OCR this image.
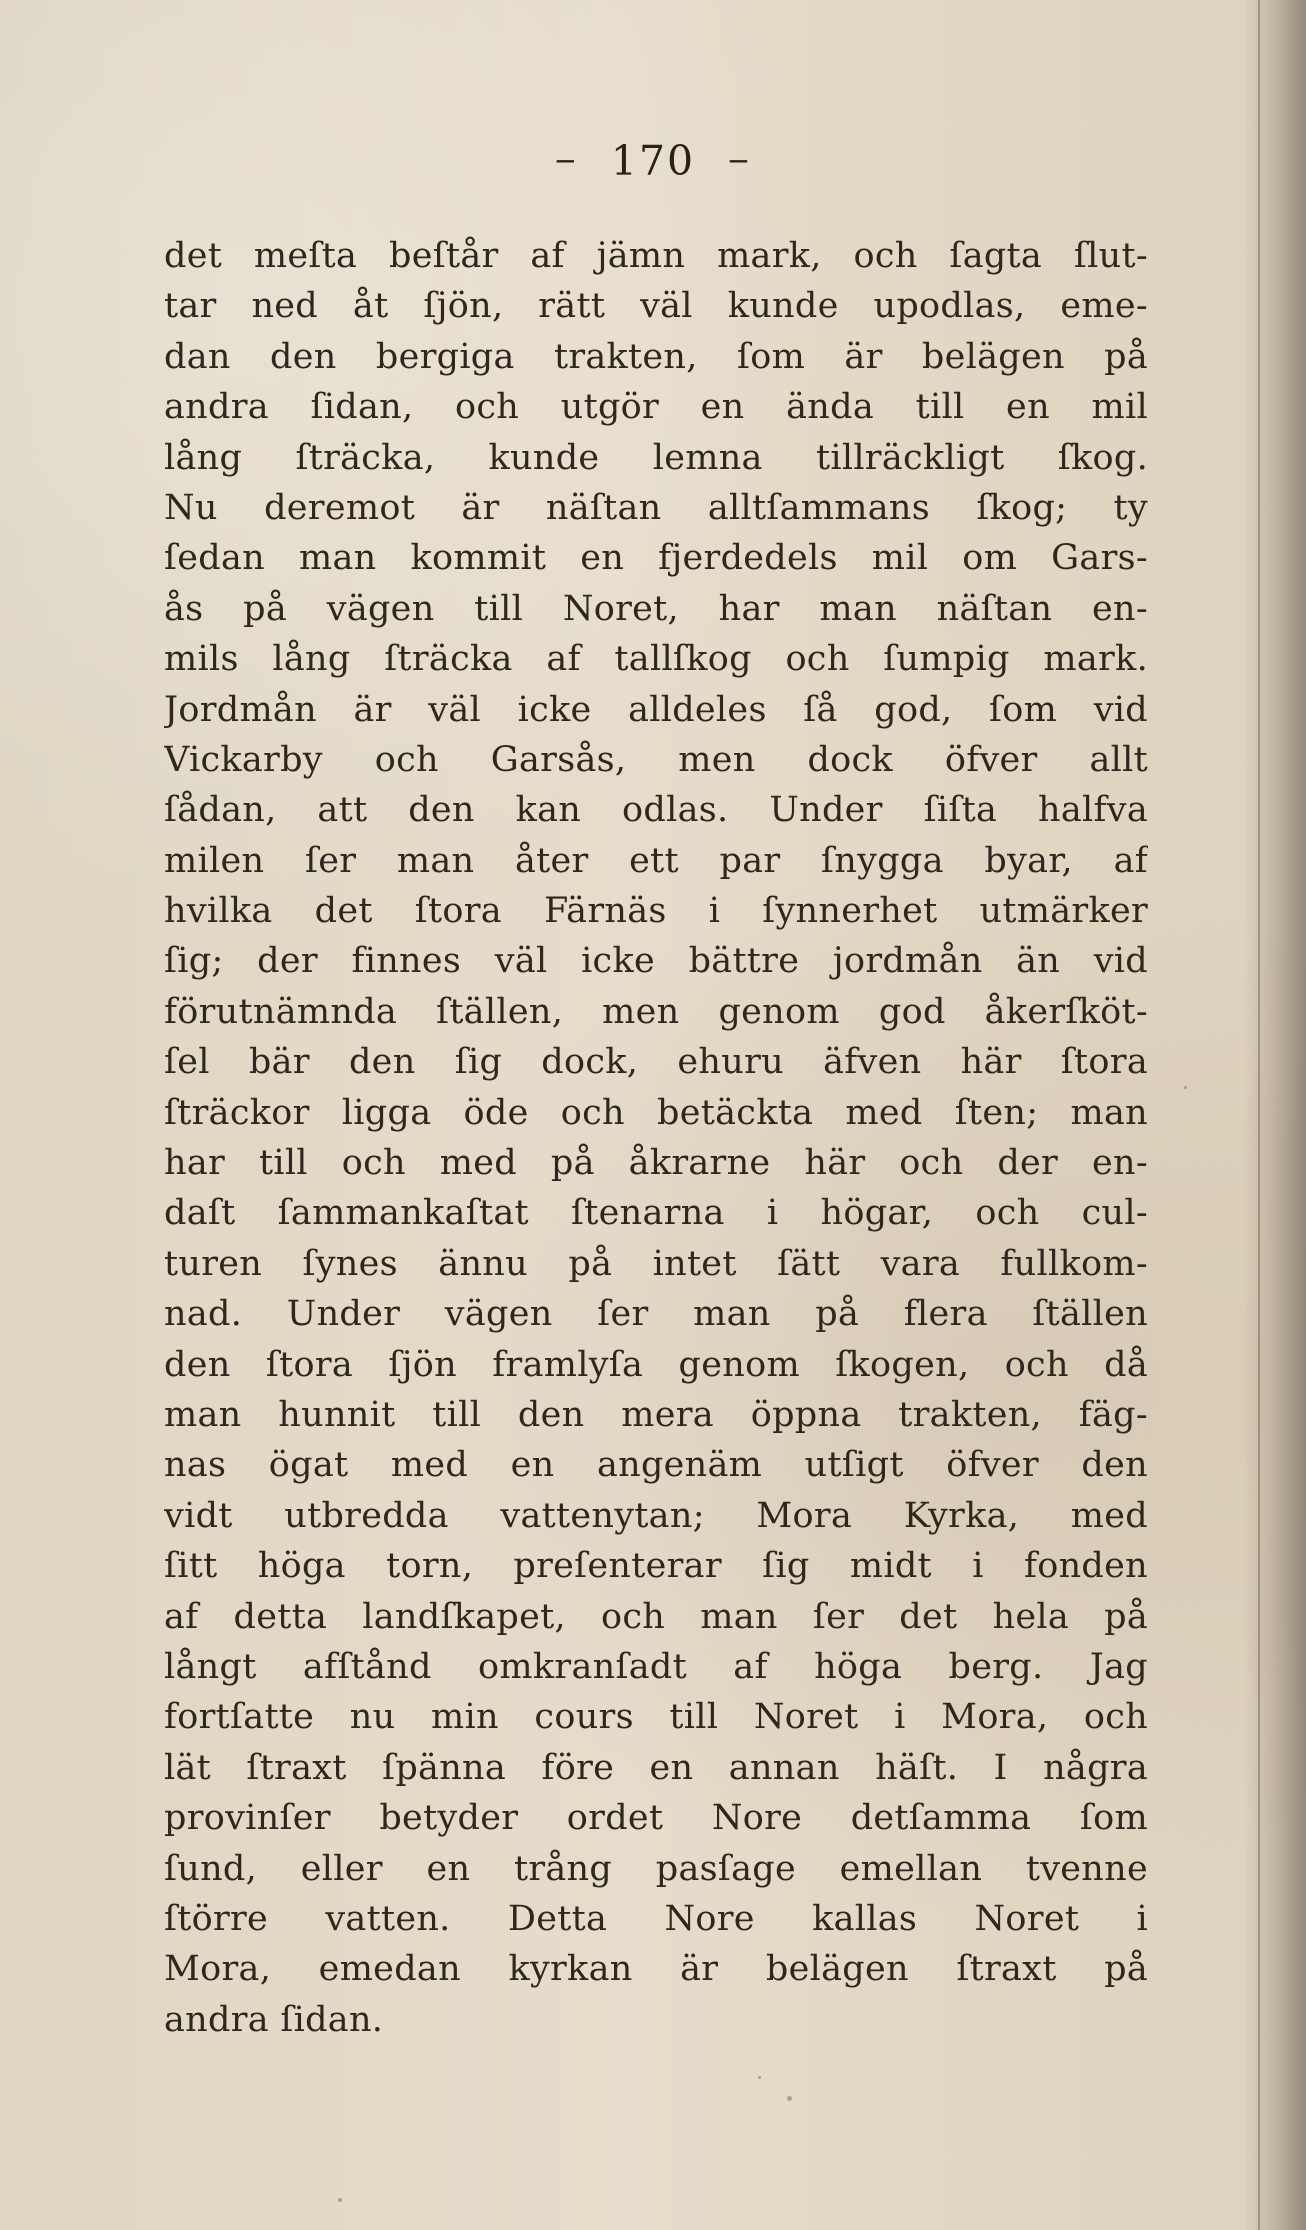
─ 170 ─
det meſta beſtår af jämn mark, och ſagta ſlut-
tar ned åt ſjön, rätt väl kunde upodlas, eme-
dan den bergiga trakten, ſom är belägen på
andra ſidan, och utgör en ända till en mil
lång ſträcka, kunde lemna tillräckligt ſkog.
Nu deremot är näſtan alltſammans ſkog; ty
ſedan man kommit en fjerdedels mil om Gars-
ås på vägen till Noret, har man näſtan en-
mils lång ſträcka af tallſkog och ſumpig mark.
Jordmån är väl icke alldeles ſå god, ſom vid
Vickarby och Garsås, men dock öfver allt
ſådan, att den kan odlas. Under ſiſta halfva
milen ſer man åter ett par ſnygga byar, af
hvilka det ſtora Färnäs i ſynnerhet utmärker
ſig; der finnes väl icke bättre jordmån än vid
förutnämnda ſtällen, men genom god åkerſköt-
ſel bär den ſig dock, ehuru äfven här ſtora
ſträckor ligga öde och betäckta med ſten; man
har till och med på åkrarne här och der en-
daſt ſammankaſtat ſtenarna i högar, och cul-
turen ſynes ännu på intet ſätt vara fullkom-
nad. Under vägen ſer man på flera ſtällen
den ſtora ſjön framlyſa genom ſkogen, och då
man hunnit till den mera öppna trakten, fäg-
nas ögat med en angenäm utſigt öfver den
vidt utbredda vattenytan; Mora Kyrka, med
ſitt höga torn, preſenterar ſig midt i fonden
af detta landſkapet, och man ſer det hela på
långt afſtånd omkranſadt af höga berg. Jag
fortſatte nu min cours till Noret i Mora, och
lät ſtraxt ſpänna före en annan häſt. I några
provinſer betyder ordet Nore detſamma ſom
ſund, eller en trång pasſage emellan tvenne
ſtörre vatten. Detta Nore kallas Noret i
Mora, emedan kyrkan är belägen ſtraxt på
andra ſidan.
